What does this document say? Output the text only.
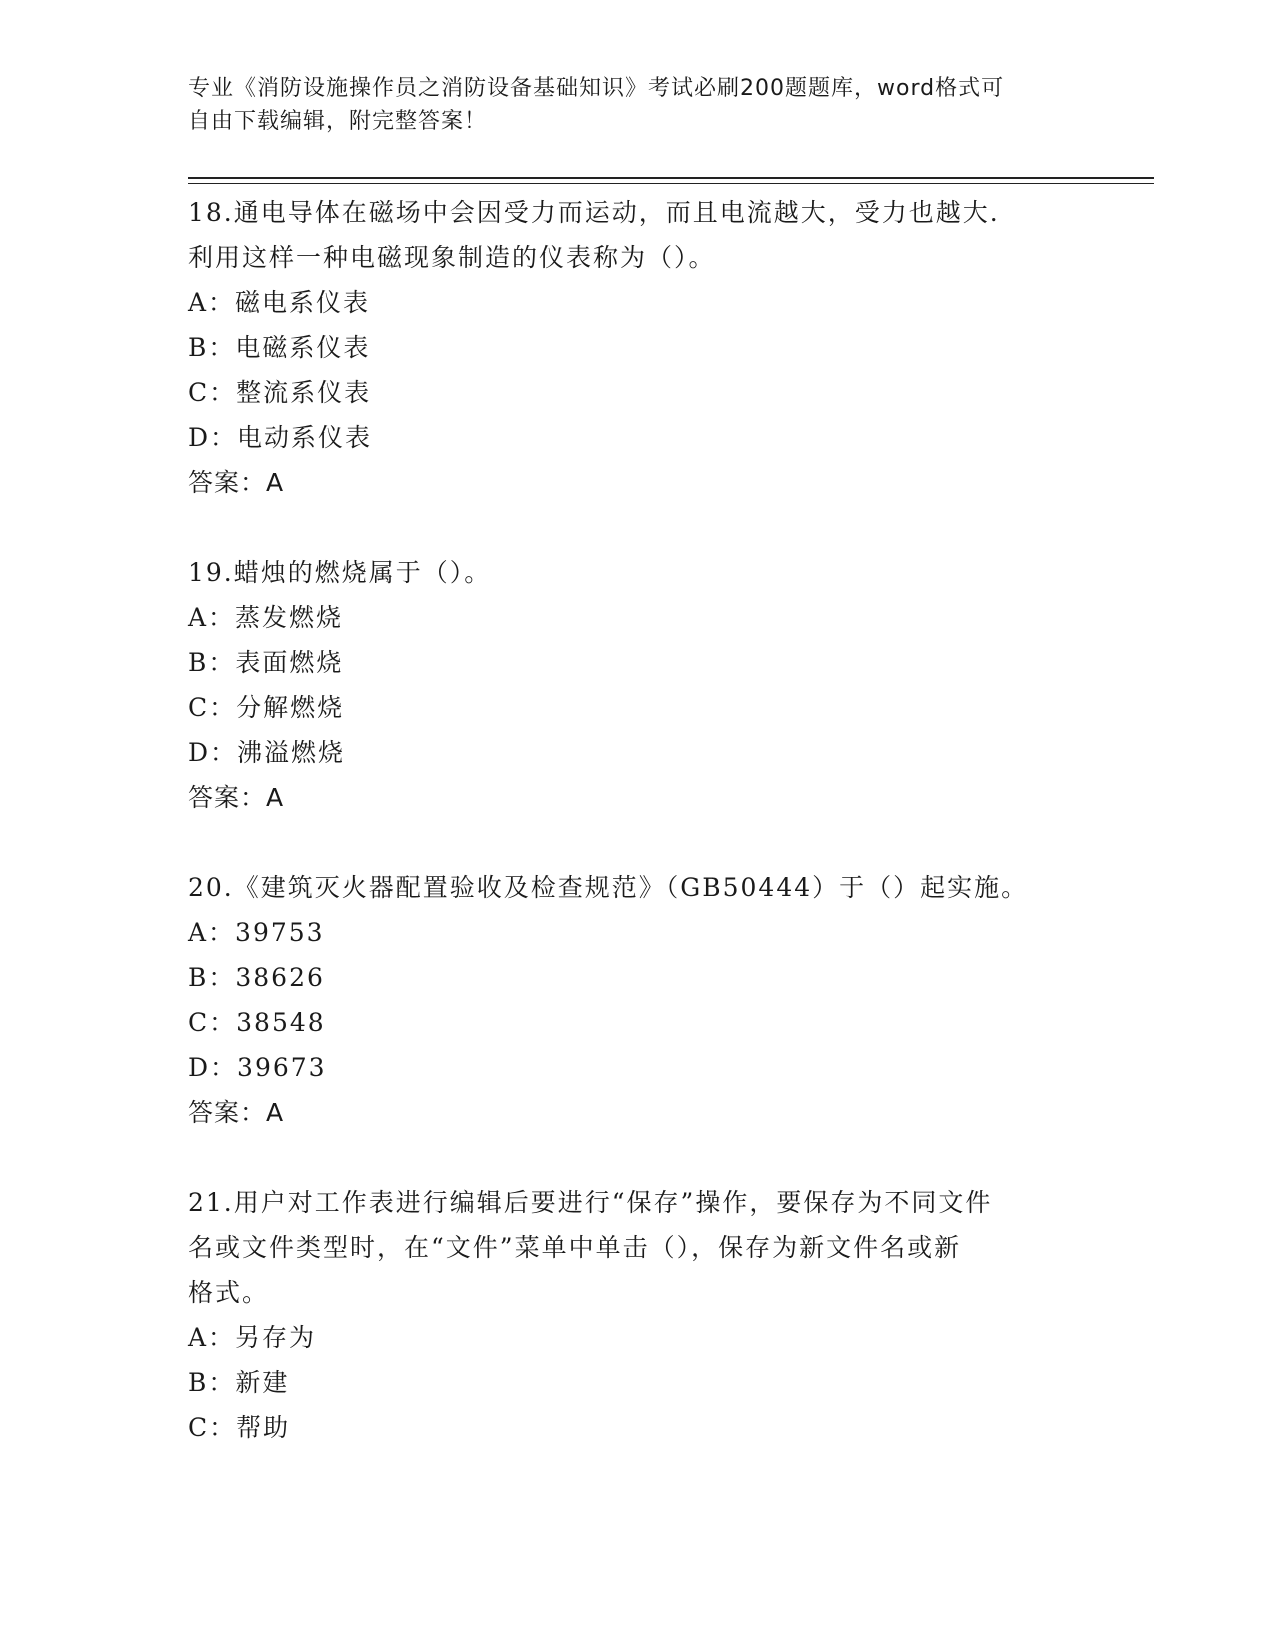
专业《消防设施操作员之消防设备基础知识》考试必刷200题题库，word格式可
自由下载编辑，附完整答案！
18.通电导体在磁场中会因受力而运动，而且电流越大，受力也越大.
利用这样一种电磁现象制造的仪表称为（）。
A：磁电系仪表
B：电磁系仪表
C：整流系仪表
D：电动系仪表
答案：A
19.蜡烛的燃烧属于（）。
A：蒸发燃烧
B：表面燃烧
C：分解燃烧
D：沸溢燃烧
答案：A
20.《建筑灭火器配置验收及检查规范》（GB50444）于（）起实施。
A：39753
B：38626
C：38548
D：39673
答案：A
21.用户对工作表进行编辑后要进行“保存”操作，要保存为不同文件
名或文件类型时，在“文件”菜单中单击（），保存为新文件名或新
格式。
A：另存为
B：新建
C：帮助
